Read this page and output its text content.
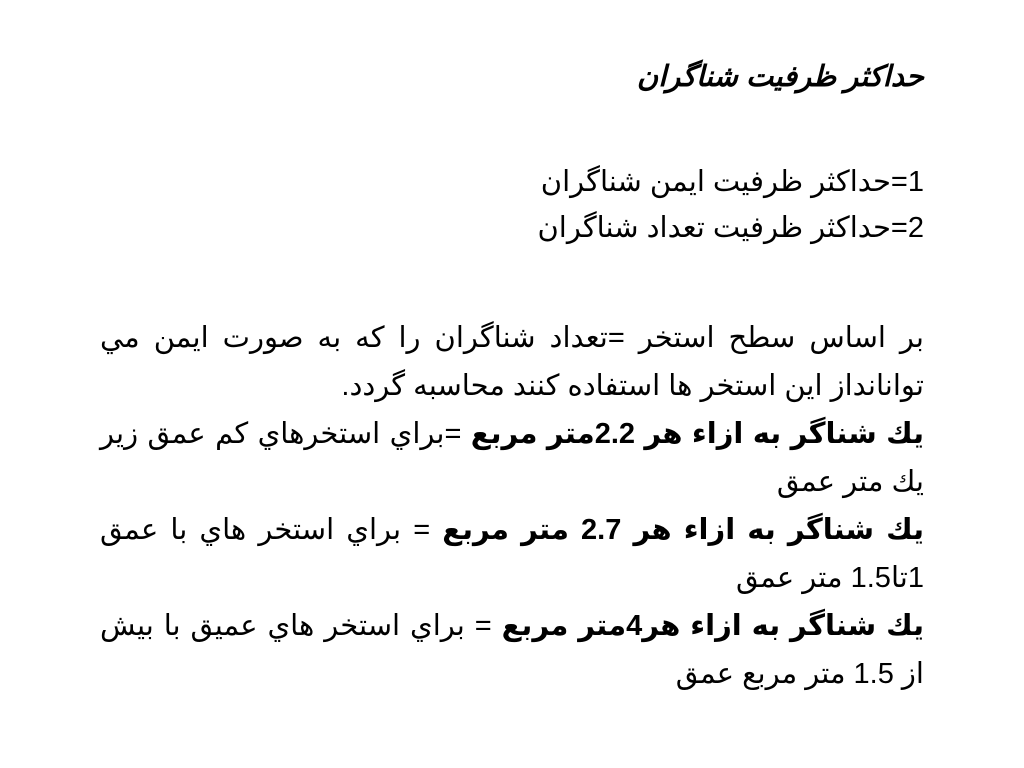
حداكثر ظرفيت شناگران
1=حداكثر ظرفيت ايمن شناگران
2=حداكثر ظرفيت تعداد شناگران

بر اساس سطح استخر =تعداد شناگران را كه به صورت ايمن مي توانانداز اين استخر ها استفاده كنند محاسبه گردد.

يك شناگر به ازاء هر 2.2متر مربع =براي استخرهاي كم عمق زير يك متر عمق

يك شناگر به ازاء هر 2.7 متر مربع = براي استخر هاي با عمق 1تا1.5 متر عمق

يك شناگر به ازاء هر4متر مربع = براي استخر هاي عميق با بيش از 1.5 متر مربع عمق
